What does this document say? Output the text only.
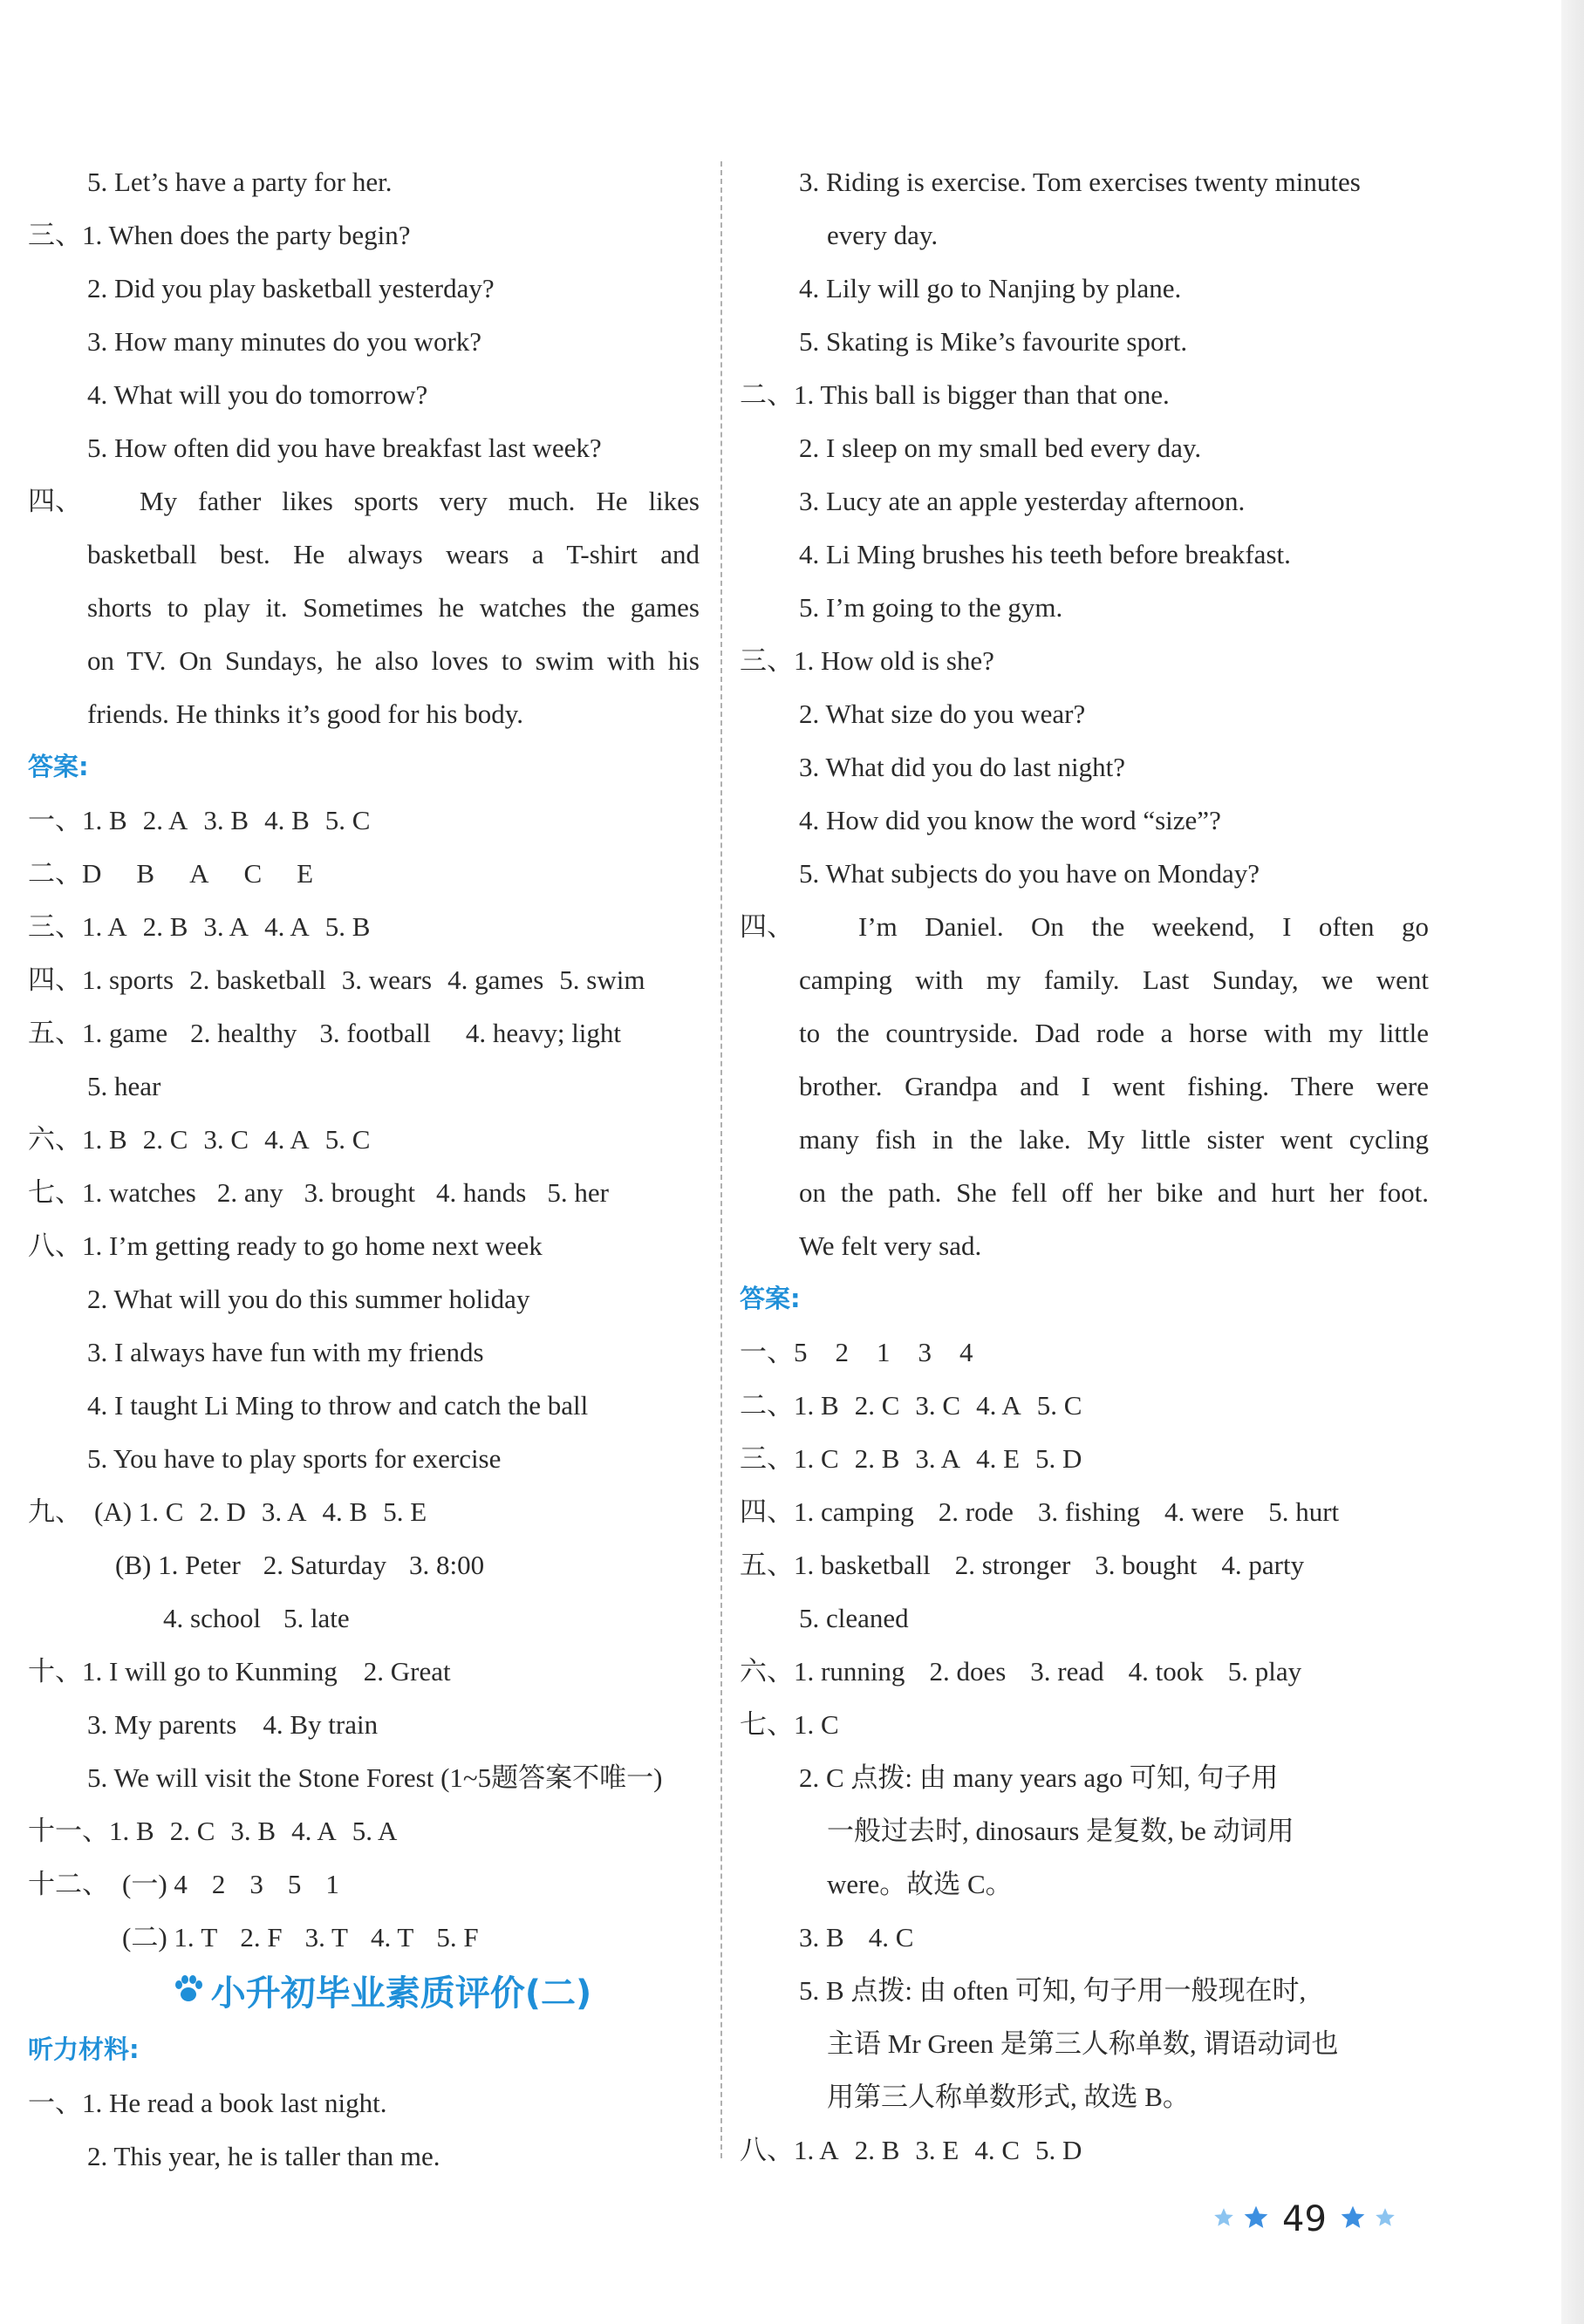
5. Let’s have a party for her.
三、1. When does the party begin?
2. Did you play basketball yesterday?
3. How many minutes do you work?
4. What will you do tomorrow?
5. How often did you have breakfast last week?
四、	My father likes sports very much. He likes
basketball best. He always wears a T-shirt and
shorts to play it. Sometimes he watches the games
on TV. On Sundays, he also loves to swim with his
friends. He thinks it’s good for his body.
答案:
一、1. B 2. A 3. B 4. B 5. C
二、D B A C E
三、1. A 2. B 3. A 4. A 5. B
四、1. sports 2. basketball 3. wears 4. games 5. swim
五、1. game 2. healthy 3. football 4. heavy; light
5. hear
六、1. B 2. C 3. C 4. A 5. C
七、1. watches 2. any 3. brought 4. hands 5. her
八、1. I’m getting ready to go home next week
2. What will you do this summer holiday
3. I always have fun with my friends
4. I taught Li Ming to throw and catch the ball
5. You have to play sports for exercise
九、 (A) 1. C 2. D 3. A 4. B 5. E
(B) 1. Peter 2. Saturday 3. 8:00
4. school 5. late
十、1. I will go to Kunming 2. Great
3. My parents 4. By train
5. We will visit the Stone Forest (1~5题答案不唯一)
十一、1. B 2. C 3. B 4. A 5. A
十二、 (一) 4 2 3 5 1
(二) 1. T 2. F 3. T 4. T 5. F
小升初毕业素质评价(二)
听力材料:
一、1. He read a book last night.
2. This year, he is taller than me.
3. Riding is exercise. Tom exercises twenty minutes
every day.
4. Lily will go to Nanjing by plane.
5. Skating is Mike’s favourite sport.
二、1. This ball is bigger than that one.
2. I sleep on my small bed every day.
3. Lucy ate an apple yesterday afternoon.
4. Li Ming brushes his teeth before breakfast.
5. I’m going to the gym.
三、1. How old is she?
2. What size do you wear?
3. What did you do last night?
4. How did you know the word “size”?
5. What subjects do you have on Monday?
四、	I’m Daniel. On the weekend, I often go
camping with my family. Last Sunday, we went
to the countryside. Dad rode a horse with my little
brother. Grandpa and I went fishing. There were
many fish in the lake. My little sister went cycling
on the path. She fell off her bike and hurt her foot.
We felt very sad.
答案:
一、5 2 1 3 4
二、1. B 2. C 3. C 4. A 5. C
三、1. C 2. B 3. A 4. E 5. D
四、1. camping 2. rode 3. fishing 4. were 5. hurt
五、1. basketball 2. stronger 3. bought 4. party
5. cleaned
六、1. running 2. does 3. read 4. took 5. play
七、1. C
2. C 点拨: 由 many years ago 可知, 句子用
一般过去时, dinosaurs 是复数, be 动词用
were。故选 C。
3. B 4. C
5. B 点拨: 由 often 可知, 句子用一般现在时,
主语 Mr Green 是第三人称单数, 谓语动词也
用第三人称单数形式, 故选 B。
八、1. A 2. B 3. E 4. C 5. D
49
